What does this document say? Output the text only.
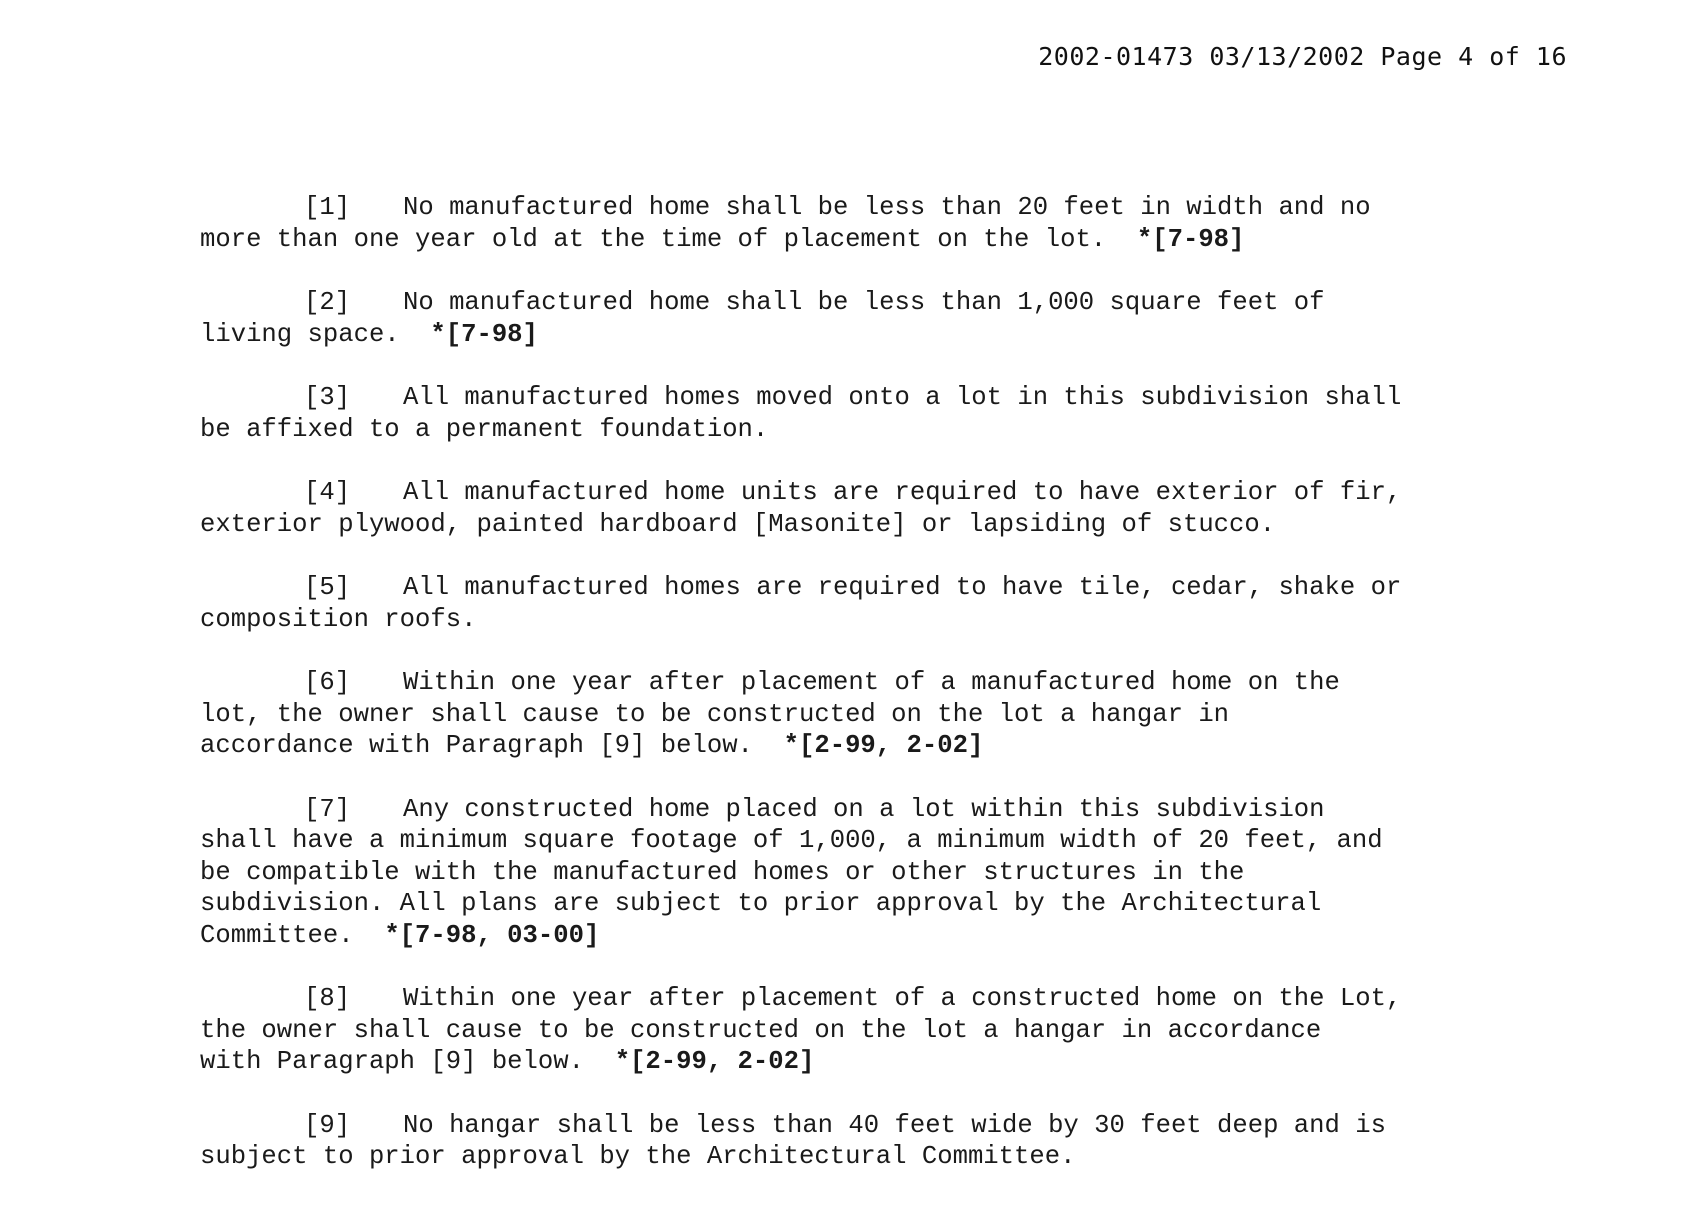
2002-01473 03/13/2002 Page 4 of 16

[1] No manufactured home shall be less than 20 feet in width and no
more than one year old at the time of placement on the lot. *[7-98]

[2] No manufactured home shall be less than 1,000 square feet of
living space. *[7-98]

[3] All manufactured homes moved onto a lot in this subdivision shall
be affixed to a permanent foundation.

[4] All manufactured home units are required to have exterior of fir,
exterior plywood, painted hardboard [Masonite] or lapsiding of stucco.

[5] All manufactured homes are required to have tile, cedar, shake or
composition roofs.

[6] Within one year after placement of a manufactured home on the
lot, the owner shall cause to be constructed on the lot a hangar in
accordance with Paragraph [9] below. *[2-99, 2-02]

[7] Any constructed home placed on a lot within this subdivision
shall have a minimum square footage of 1,000, a minimum width of 20 feet, and
be compatible with the manufactured homes or other structures in the
subdivision. All plans are subject to prior approval by the Architectural
Committee. *[7-98, 03-00]

[8] Within one year after placement of a constructed home on the Lot,
the owner shall cause to be constructed on the lot a hangar in accordance
with Paragraph [9] below. *[2-99, 2-02]

[9] No hangar shall be less than 40 feet wide by 30 feet deep and is
subject to prior approval by the Architectural Committee.
